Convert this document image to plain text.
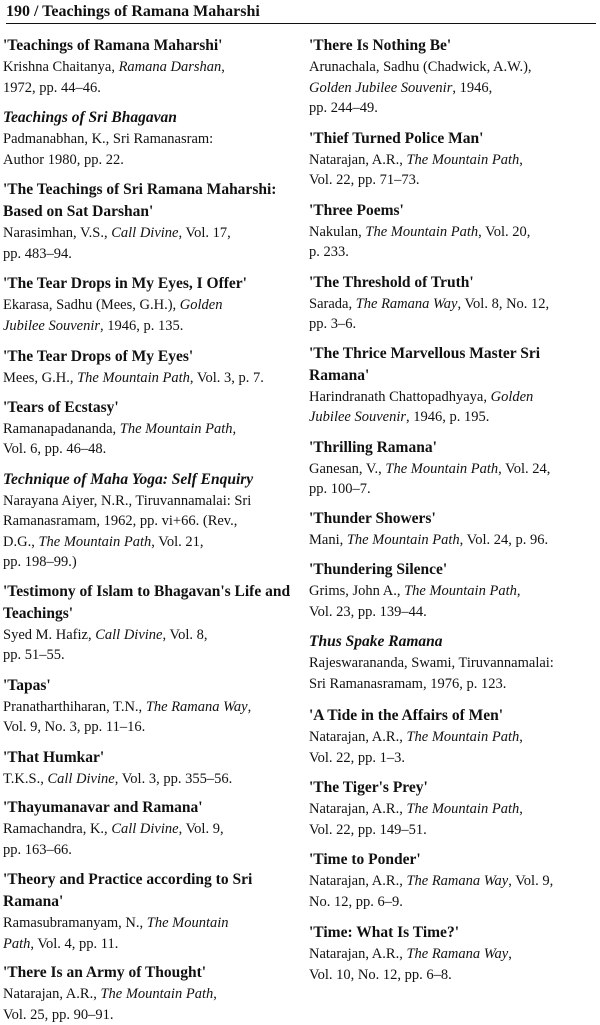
190 / Teachings of Ramana Maharshi
'Teachings of Ramana Maharshi'
Krishna Chaitanya, Ramana Darshan,
1972, pp. 44–46.
Teachings of Sri Bhagavan
Padmanabhan, K., Sri Ramanasram:
Author 1980, pp. 22.
'The Teachings of Sri Ramana Maharshi: Based on Sat Darshan'
Narasimhan, V.S., Call Divine, Vol. 17,
pp. 483–94.
'The Tear Drops in My Eyes, I Offer'
Ekarasa, Sadhu (Mees, G.H.), Golden
Jubilee Souvenir, 1946, p. 135.
'The Tear Drops of My Eyes'
Mees, G.H., The Mountain Path, Vol. 3, p. 7.
'Tears of Ecstasy'
Ramanapadananda, The Mountain Path,
Vol. 6, pp. 46–48.
Technique of Maha Yoga: Self Enquiry
Narayana Aiyer, N.R., Tiruvannamalai: Sri
Ramanasramam, 1962, pp. vi+66. (Rev.,
D.G., The Mountain Path, Vol. 21,
pp. 198–99.)
'Testimony of Islam to Bhagavan's Life and Teachings'
Syed M. Hafiz, Call Divine, Vol. 8,
pp. 51–55.
'Tapas'
Pranatharthiharan, T.N., The Ramana Way,
Vol. 9, No. 3, pp. 11–16.
'That Humkar'
T.K.S., Call Divine, Vol. 3, pp. 355–56.
'Thayumanavar and Ramana'
Ramachandra, K., Call Divine, Vol. 9,
pp. 163–66.
'Theory and Practice according to Sri Ramana'
Ramasubramanyam, N., The Mountain
Path, Vol. 4, pp. 11.
'There Is an Army of Thought'
Natarajan, A.R., The Mountain Path,
Vol. 25, pp. 90–91.
'There Is Nothing Be'
Arunachala, Sadhu (Chadwick, A.W.),
Golden Jubilee Souvenir, 1946,
pp. 244–49.
'Thief Turned Police Man'
Natarajan, A.R., The Mountain Path,
Vol. 22, pp. 71–73.
'Three Poems'
Nakulan, The Mountain Path, Vol. 20,
p. 233.
'The Threshold of Truth'
Sarada, The Ramana Way, Vol. 8, No. 12,
pp. 3–6.
'The Thrice Marvellous Master Sri Ramana'
Harindranath Chattopadhyaya, Golden
Jubilee Souvenir, 1946, p. 195.
'Thrilling Ramana'
Ganesan, V., The Mountain Path, Vol. 24,
pp. 100–7.
'Thunder Showers'
Mani, The Mountain Path, Vol. 24, p. 96.
'Thundering Silence'
Grims, John A., The Mountain Path,
Vol. 23, pp. 139–44.
Thus Spake Ramana
Rajeswarananda, Swami, Tiruvannamalai:
Sri Ramanasramam, 1976, p. 123.
'A Tide in the Affairs of Men'
Natarajan, A.R., The Mountain Path,
Vol. 22, pp. 1–3.
'The Tiger's Prey'
Natarajan, A.R., The Mountain Path,
Vol. 22, pp. 149–51.
'Time to Ponder'
Natarajan, A.R., The Ramana Way, Vol. 9,
No. 12, pp. 6–9.
'Time: What Is Time?'
Natarajan, A.R., The Ramana Way,
Vol. 10, No. 12, pp. 6–8.
